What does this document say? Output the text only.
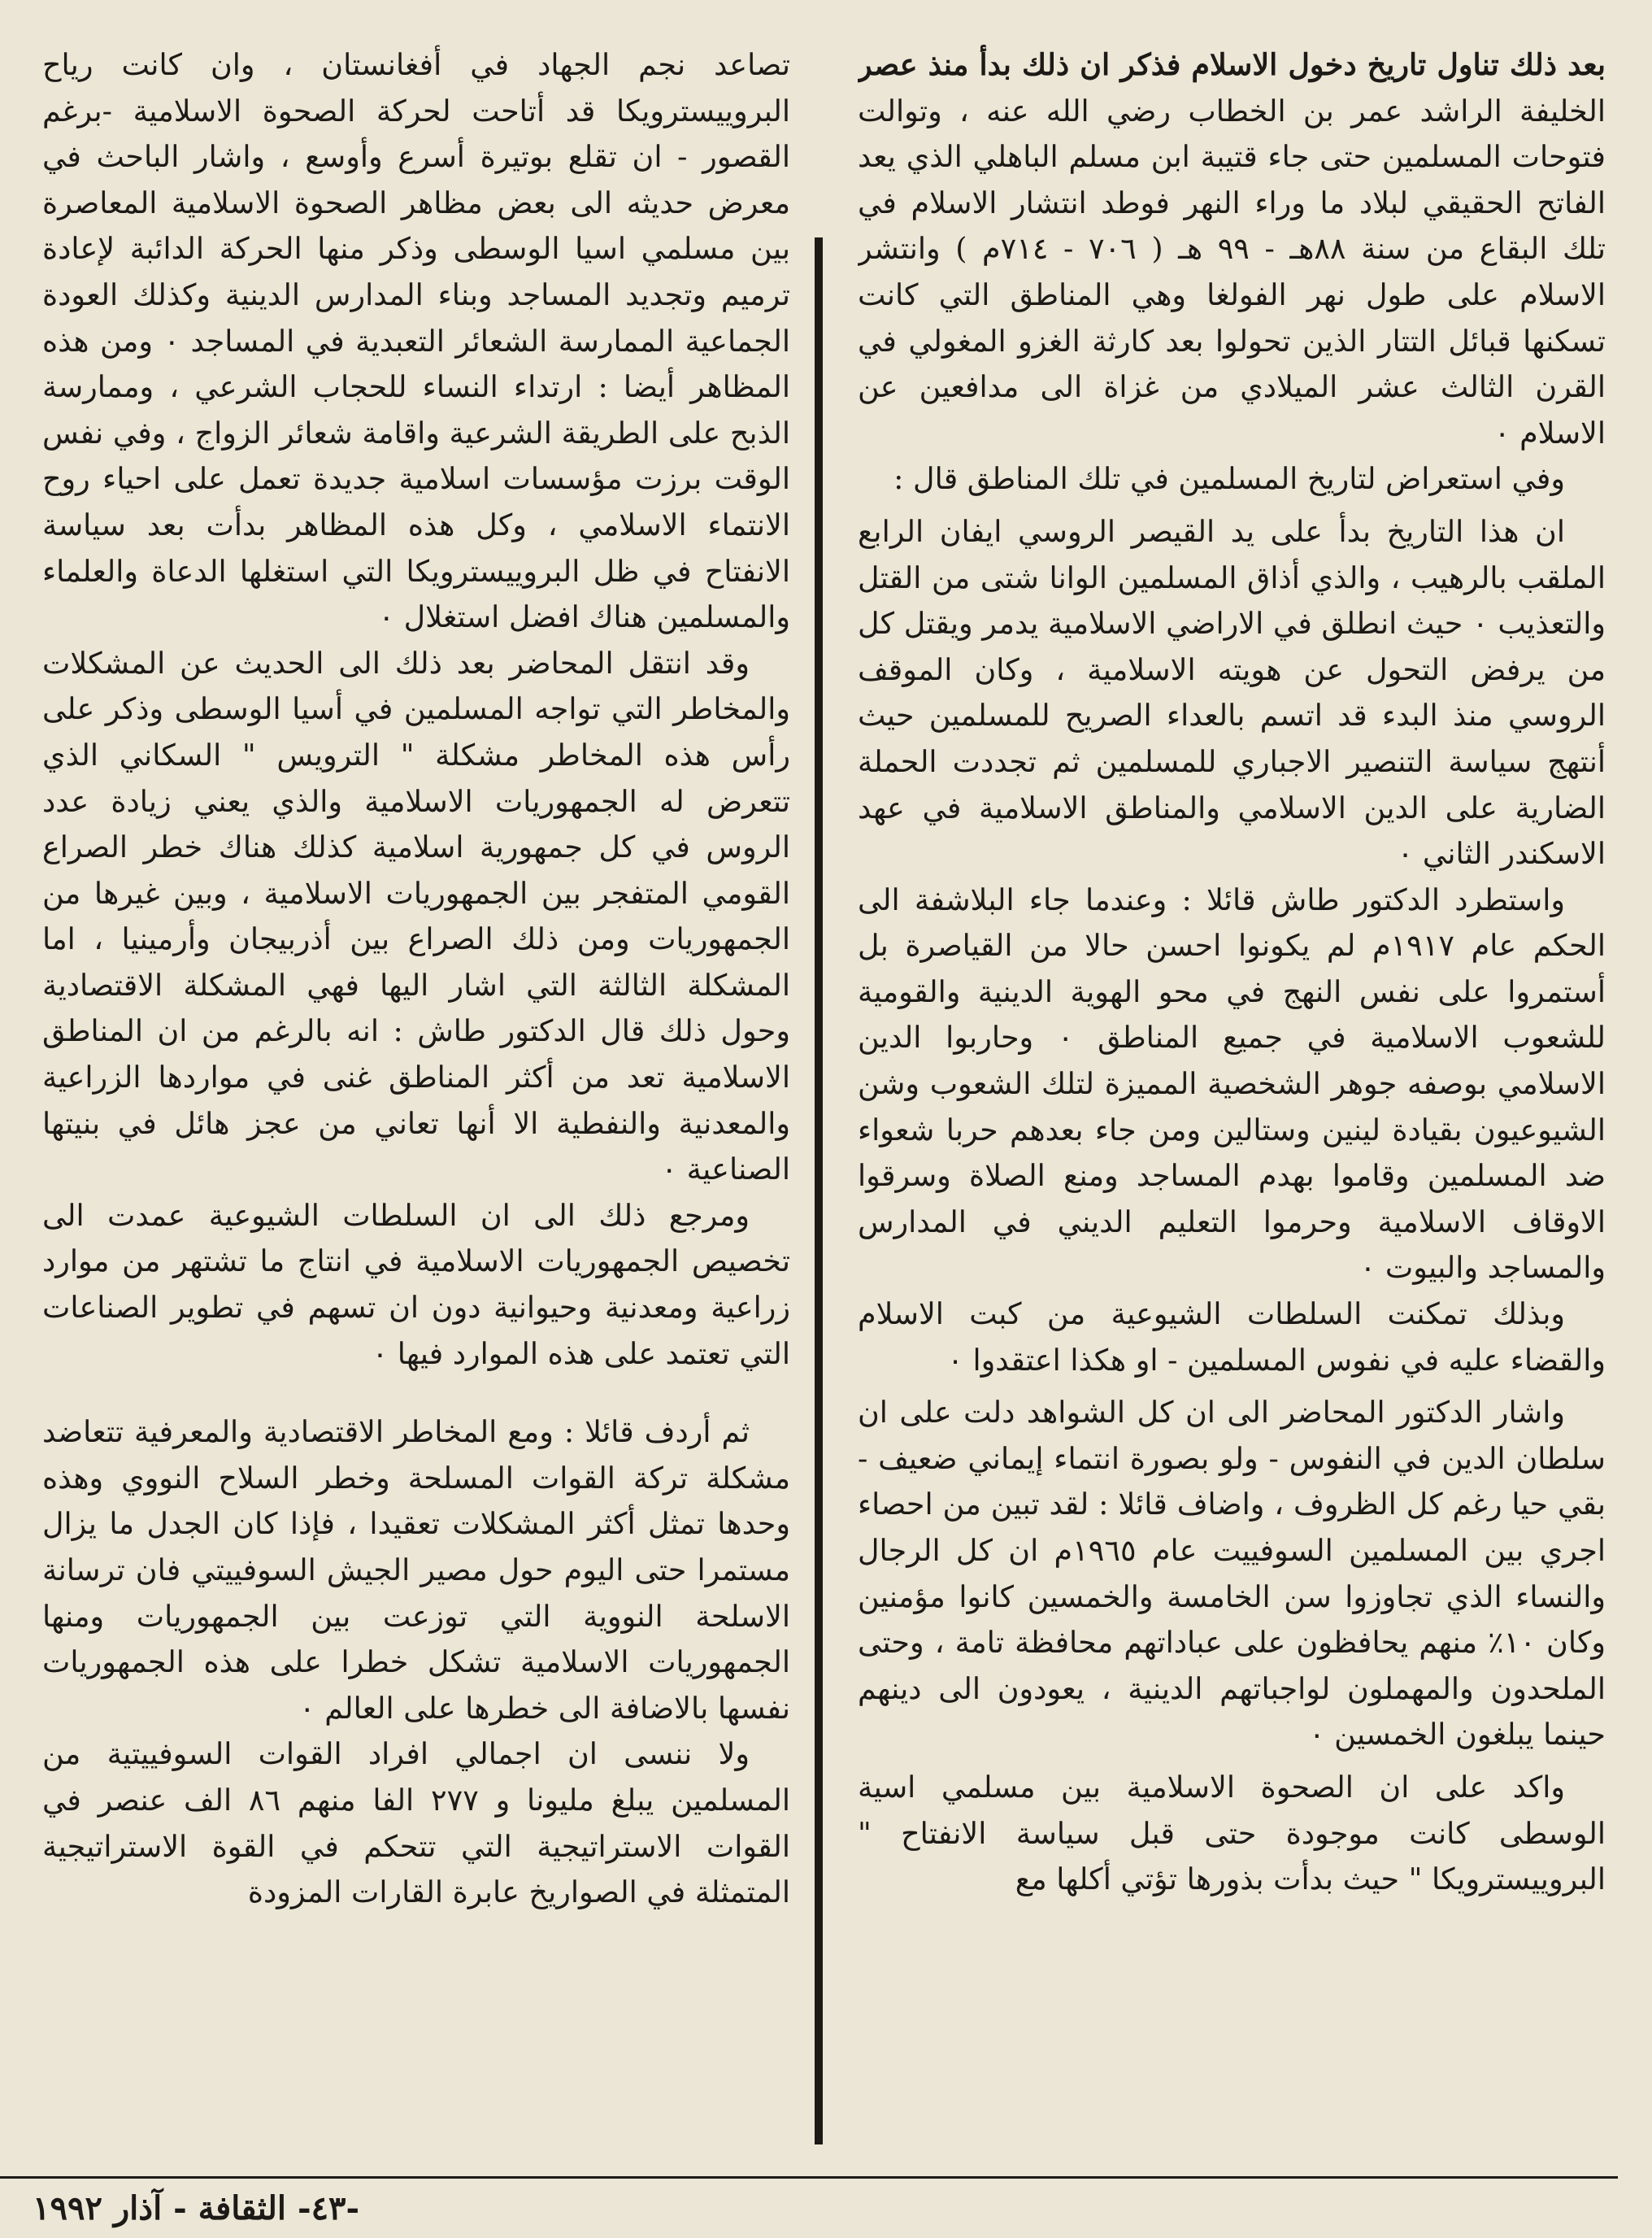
بعد ذلك تناول تاريخ دخول الاسلام فذكر ان ذلك بدأ منذ عصر الخليفة الراشد عمر بن الخطاب رضي الله عنه ، وتوالت فتوحات المسلمين حتى جاء قتيبة ابن مسلم الباهلي الذي يعد الفاتح الحقيقي لبلاد ما وراء النهر فوطد انتشار الاسلام في تلك البقاع من سنة ٨٨هـ - ٩٩ هـ ( ٧٠٦ - ٧١٤م ) وانتشر الاسلام على طول نهر الفولغا وهي المناطق التي كانت تسكنها قبائل التتار الذين تحولوا بعد كارثة الغزو المغولي في القرن الثالث عشر الميلادي من غزاة الى مدافعين عن الاسلام ٠

وفي استعراض لتاريخ المسلمين في تلك المناطق قال :

ان هذا التاريخ بدأ على يد القيصر الروسي ايفان الرابع الملقب بالرهيب ، والذي أذاق المسلمين الوانا شتى من القتل والتعذيب ٠ حيث انطلق في الاراضي الاسلامية يدمر ويقتل كل من يرفض التحول عن هويته الاسلامية ، وكان الموقف الروسي منذ البدء قد اتسم بالعداء الصريح للمسلمين حيث أنتهج سياسة التنصير الاجباري للمسلمين ثم تجددت الحملة الضارية على الدين الاسلامي والمناطق الاسلامية في عهد الاسكندر الثاني ٠

واستطرد الدكتور طاش قائلا : وعندما جاء البلاشفة الى الحكم عام ١٩١٧م لم يكونوا احسن حالا من القياصرة بل أستمروا على نفس النهج في محو الهوية الدينية والقومية للشعوب الاسلامية في جميع المناطق ٠ وحاربوا الدين الاسلامي بوصفه جوهر الشخصية المميزة لتلك الشعوب وشن الشيوعيون بقيادة لينين وستالين ومن جاء بعدهم حربا شعواء ضد المسلمين وقاموا بهدم المساجد ومنع الصلاة وسرقوا الاوقاف الاسلامية وحرموا التعليم الديني في المدارس والمساجد والبيوت ٠

وبذلك تمكنت السلطات الشيوعية من كبت الاسلام والقضاء عليه في نفوس المسلمين - او هكذا اعتقدوا ٠

واشار الدكتور المحاضر الى ان كل الشواهد دلت على ان سلطان الدين في النفوس - ولو بصورة انتماء إيماني ضعيف - بقي حيا رغم كل الظروف ، واضاف قائلا : لقد تبين من احصاء اجري بين المسلمين السوفييت عام ١٩٦٥م ان كل الرجال والنساء الذي تجاوزوا سن الخامسة والخمسين كانوا مؤمنين وكان ١٠٪ منهم يحافظون على عباداتهم محافظة تامة ، وحتى الملحدون والمهملون لواجباتهم الدينية ، يعودون الى دينهم حينما يبلغون الخمسين ٠

واكد على ان الصحوة الاسلامية بين مسلمي اسية الوسطى كانت موجودة حتى قبل سياسة الانفتاح " البروييسترويكا " حيث بدأت بذورها تؤتي أكلها مع

تصاعد نجم الجهاد في أفغانستان ، وان كانت رياح البروييسترويكا قد أتاحت لحركة الصحوة الاسلامية -برغم القصور - ان تقلع بوتيرة أسرع وأوسع ، واشار الباحث في معرض حديثه الى بعض مظاهر الصحوة الاسلامية المعاصرة بين مسلمي اسيا الوسطى وذكر منها الحركة الدائبة لإعادة ترميم وتجديد المساجد وبناء المدارس الدينية وكذلك العودة الجماعية الممارسة الشعائر التعبدية في المساجد ٠ ومن هذه المظاهر أيضا : ارتداء النساء للحجاب الشرعي ، وممارسة الذبح على الطريقة الشرعية واقامة شعائر الزواج ، وفي نفس الوقت برزت مؤسسات اسلامية جديدة تعمل على احياء روح الانتماء الاسلامي ، وكل هذه المظاهر بدأت بعد سياسة الانفتاح في ظل البروييسترويكا التي استغلها الدعاة والعلماء والمسلمين هناك افضل استغلال ٠

وقد انتقل المحاضر بعد ذلك الى الحديث عن المشكلات والمخاطر التي تواجه المسلمين في أسيا الوسطى وذكر على رأس هذه المخاطر مشكلة " الترويس " السكاني الذي تتعرض له الجمهوريات الاسلامية والذي يعني زيادة عدد الروس في كل جمهورية اسلامية كذلك هناك خطر الصراع القومي المتفجر بين الجمهوريات الاسلامية ، وبين غيرها من الجمهوريات ومن ذلك الصراع بين أذربيجان وأرمينيا ، اما المشكلة الثالثة التي اشار اليها فهي المشكلة الاقتصادية وحول ذلك قال الدكتور طاش : انه بالرغم من ان المناطق الاسلامية تعد من أكثر المناطق غنى في مواردها الزراعية والمعدنية والنفطية الا أنها تعاني من عجز هائل في بنيتها الصناعية ٠

ومرجع ذلك الى ان السلطات الشيوعية عمدت الى تخصيص الجمهوريات الاسلامية في انتاج ما تشتهر من موارد زراعية ومعدنية وحيوانية دون ان تسهم في تطوير الصناعات التي تعتمد على هذه الموارد فيها ٠

ثم أردف قائلا : ومع المخاطر الاقتصادية والمعرفية تتعاضد مشكلة تركة القوات المسلحة وخطر السلاح النووي وهذه وحدها تمثل أكثر المشكلات تعقيدا ، فإذا كان الجدل ما يزال مستمرا حتى اليوم حول مصير الجيش السوفييتي فان ترسانة الاسلحة النووية التي توزعت بين الجمهوريات ومنها الجمهوريات الاسلامية تشكل خطرا على هذه الجمهوريات نفسها بالاضافة الى خطرها على العالم ٠

ولا ننسى ان اجمالي افراد القوات السوفييتية من المسلمين يبلغ مليونا و ٢٧٧ الفا منهم ٨٦ الف عنصر في القوات الاستراتيجية التي تتحكم في القوة الاستراتيجية المتمثلة في الصواريخ عابرة القارات المزودة

-٤٣- الثقافة - آذار ١٩٩٢
